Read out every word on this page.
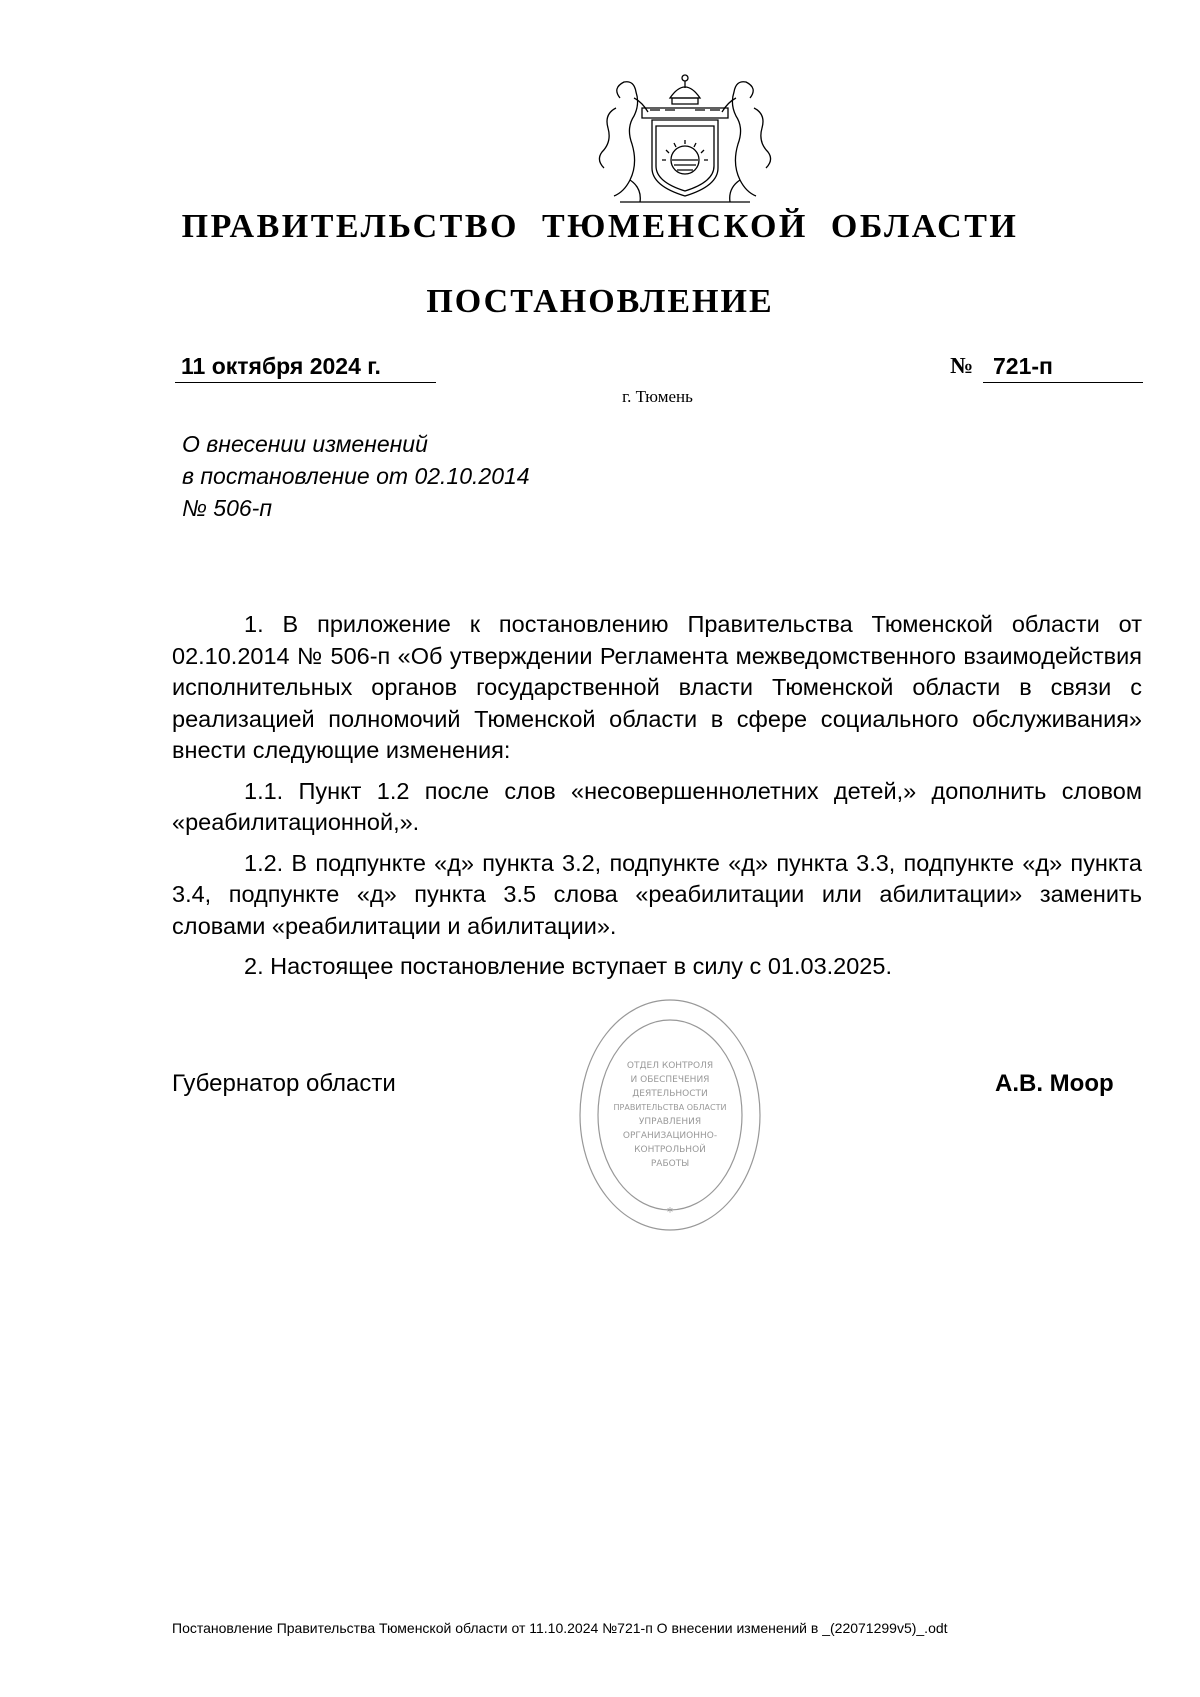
ПРАВИТЕЛЬСТВО ТЮМЕНСКОЙ ОБЛАСТИ
ПОСТАНОВЛЕНИЕ
11 октября 2024 г.	№ 721-п
г. Тюмень
О внесении изменений
в постановление от 02.10.2014
№ 506-п

1. В приложение к постановлению Правительства Тюменской области от 02.10.2014 № 506-п «Об утверждении Регламента межведомственного взаимодействия исполнительных органов государственной власти Тюменской области в связи с реализацией полномочий Тюменской области в сфере социального обслуживания» внести следующие изменения:

1.1. Пункт 1.2 после слов «несовершеннолетних детей,» дополнить словом «реабилитационной,».

1.2. В подпункте «д» пункта 3.2, подпункте «д» пункта 3.3, подпункте «д» пункта 3.4, подпункте «д» пункта 3.5 слова «реабилитации или абилитации» заменить словами «реабилитации и абилитации».

2. Настоящее постановление вступает в силу с 01.03.2025.

ОТДЕЛ КОНТРОЛЯ
И ОБЕСПЕЧЕНИЯ
ДЕЯТЕЛЬНОСТИ
ПРАВИТЕЛЬСТВА ОБЛАСТИ
УПРАВЛЕНИЯ
ОРГАНИЗАЦИОННО-
КОНТРОЛЬНОЙ
РАБОТЫ
*
Губернатор области	А.В. Моор
Постановление Правительства Тюменской области от 11.10.2024 №721-п О внесении изменений в _(22071299v5)_.odt
